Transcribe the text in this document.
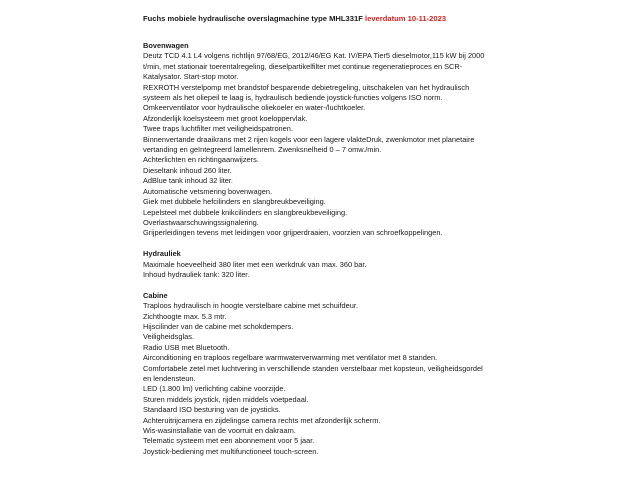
Fuchs mobiele hydraulische overslagmachine type MHL331F leverdatum 10-11-2023

Bovenwagen

Deutz TCD 4.1 L4 volgens richtlijn 97/68/EG, 2012/46/EG Kat. IV/EPA Tier5 dieselmotor,115 kW bij 2000

t/min, met stationair toerentalregeling, dieselpartikelfilter met continue regeneratieproces en SCR-

Katalysator. Start-stop motor.

REXROTH verstelpomp met brandstof besparende debietregeling, uitschakelen van het hydraulisch

systeem als het oliepeil te laag is, hydraulisch bediende joystick-functies volgens ISO norm.

Omkeerventilator voor hydraulische oliekoeler en water-/luchtkoeler.

Afzonderlijk koelsysteem met groot koeloppervlak.

Twee traps luchtfilter met veiligheidspatronen.

Binnenvertande draaikrans met 2 rijen kogels voor een lagere vlakteDruk, zwenkmotor met planetaire

vertanding en geïntegreerd lamellenrem. Zwenksnelheid 0 – 7 omw./min.

Achterlichten en richtingaanwijzers.

Dieseltank inhoud 260 liter.

AdBlue tank inhoud 32 liter.

Automatische vetsmering bovenwagen.

Giek met dubbele hefcilinders en slangbreukbeveiliging.

Lepelsteel met dubbele knikcilinders en slangbreukbeveiliging.

Overlastwaarschuwingssignalering.

Grijperleidingen tevens met leidingen voor grijperdraaien, voorzien van schroefkoppelingen.

Hydrauliek

Maximale hoeveelheid 380 liter met een werkdruk van max. 360 bar.

Inhoud hydrauliek tank: 320 liter.

Cabine

Traploos hydraulisch in hoogte verstelbare cabine met schuifdeur.

Zichthoogte max. 5.3 mtr.

Hijscilinder van de cabine met schokdempers.

Veiligheidsglas.

Radio USB met Bluetooth.

Airconditioning en traploos regelbare warmwaterverwarming met ventilator met 8 standen.

Comfortabele zetel met luchtvering in verschillende standen verstelbaar met kopsteun, veiligheidsgordel

en lendensteun.

LED (1.800 lm) verlichting cabine voorzijde.

Sturen middels joystick, rijden middels voetpedaal.

Standaard ISO besturing van de joysticks.

Achteruitrijcamera en zijdelingse camera rechts met afzonderlijk scherm.

Wis-wasinstallatie van de voorruit en dakraam.

Telematic systeem met een abonnement voor 5 jaar.

Joystick-bediening met multifunctioneel touch-screen.
